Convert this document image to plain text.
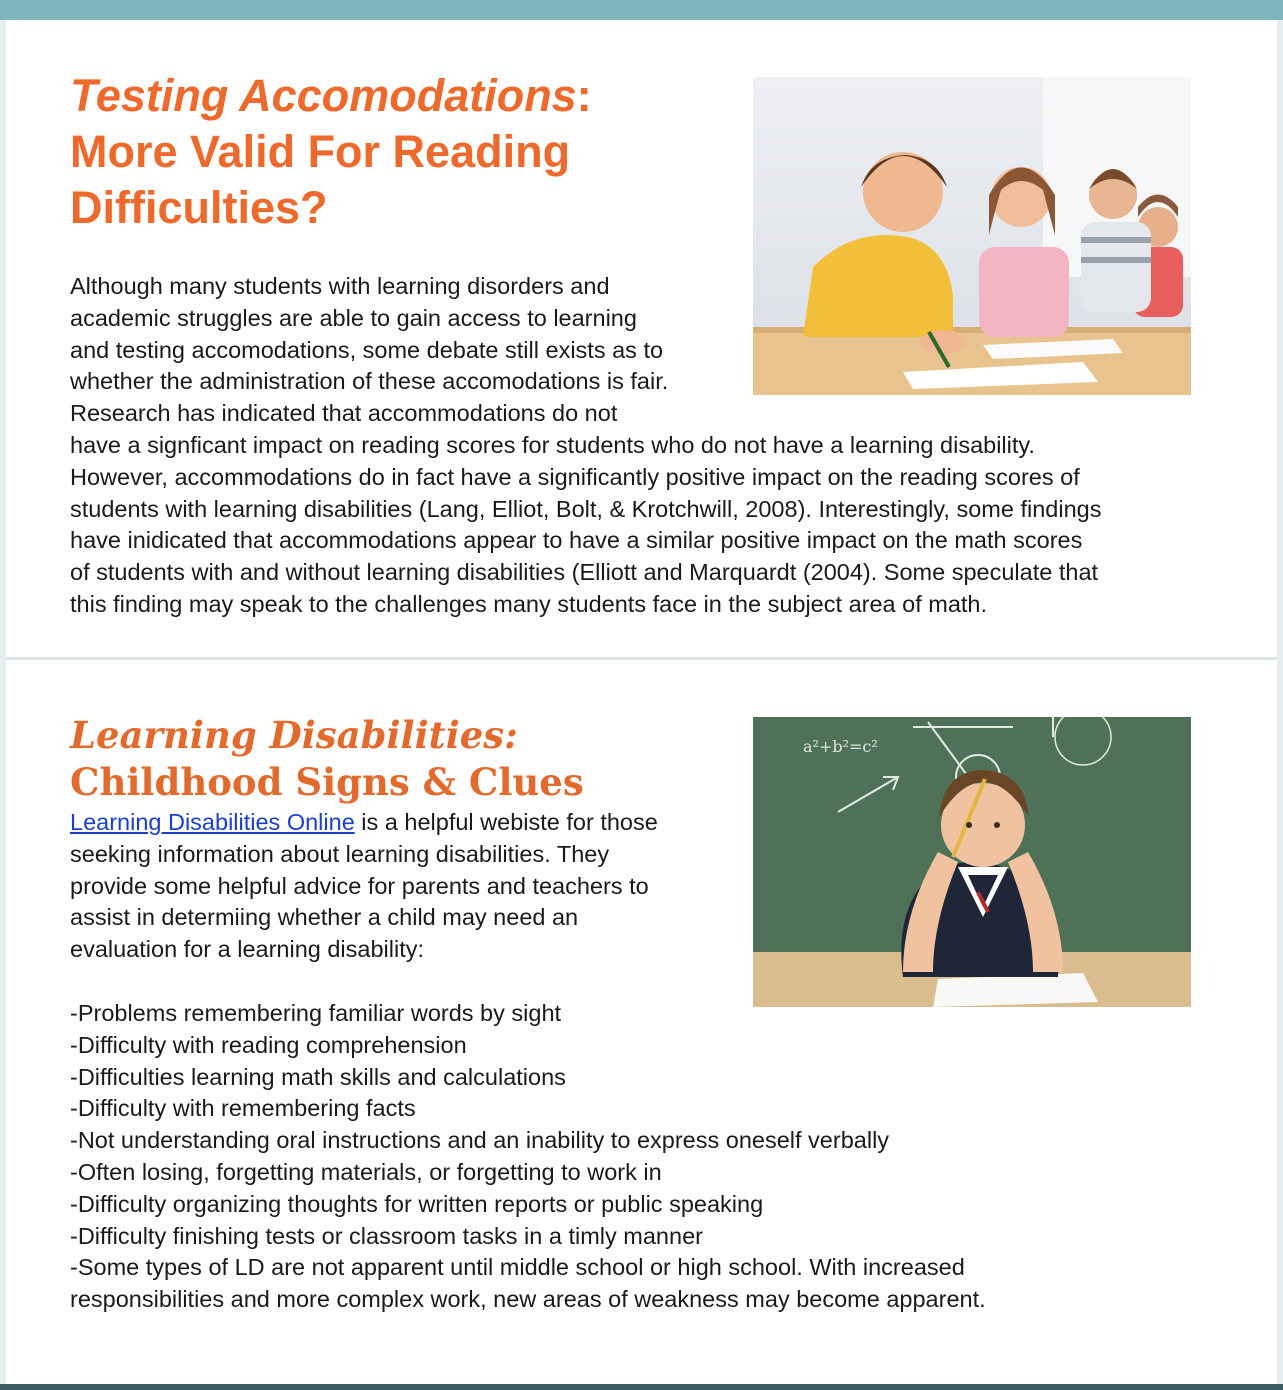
Testing Accomodations:
More Valid For Reading
Difficulties?
Although many students with learning disorders and
academic struggles are able to gain access to learning
and testing accomodations, some debate still exists as to
whether the administration of these accomodations is fair.
Research has indicated that accommodations do not
have a signficant impact on reading scores for students who do not have a learning disability.
However, accommodations do in fact have a significantly positive impact on the reading scores of
students with learning disabilities (Lang, Elliot, Bolt, & Krotchwill, 2008). Interestingly, some findings
have inidicated that accommodations appear to have a similar positive impact on the math scores
of students with and without learning disabilities (Elliott and Marquardt (2004). Some speculate that
this finding may speak to the challenges many students face in the subject area of math.
Learning Disabilities:
Childhood Signs & Clues
a²+b²=c²
Learning Disabilities Online is a helpful webiste for those
seeking information about learning disabilities. They
provide some helpful advice for parents and teachers to
assist in determiing whether a child may need an
evaluation for a learning disability:
-Problems remembering familiar words by sight
-Difficulty with reading comprehension
-Difficulties learning math skills and calculations
-Difficulty with remembering facts
-Not understanding oral instructions and an inability to express oneself verbally
-Often losing, forgetting materials, or forgetting to work in
-Difficulty organizing thoughts for written reports or public speaking
-Difficulty finishing tests or classroom tasks in a timly manner
-Some types of LD are not apparent until middle school or high school. With increased
responsibilities and more complex work, new areas of weakness may become apparent.
